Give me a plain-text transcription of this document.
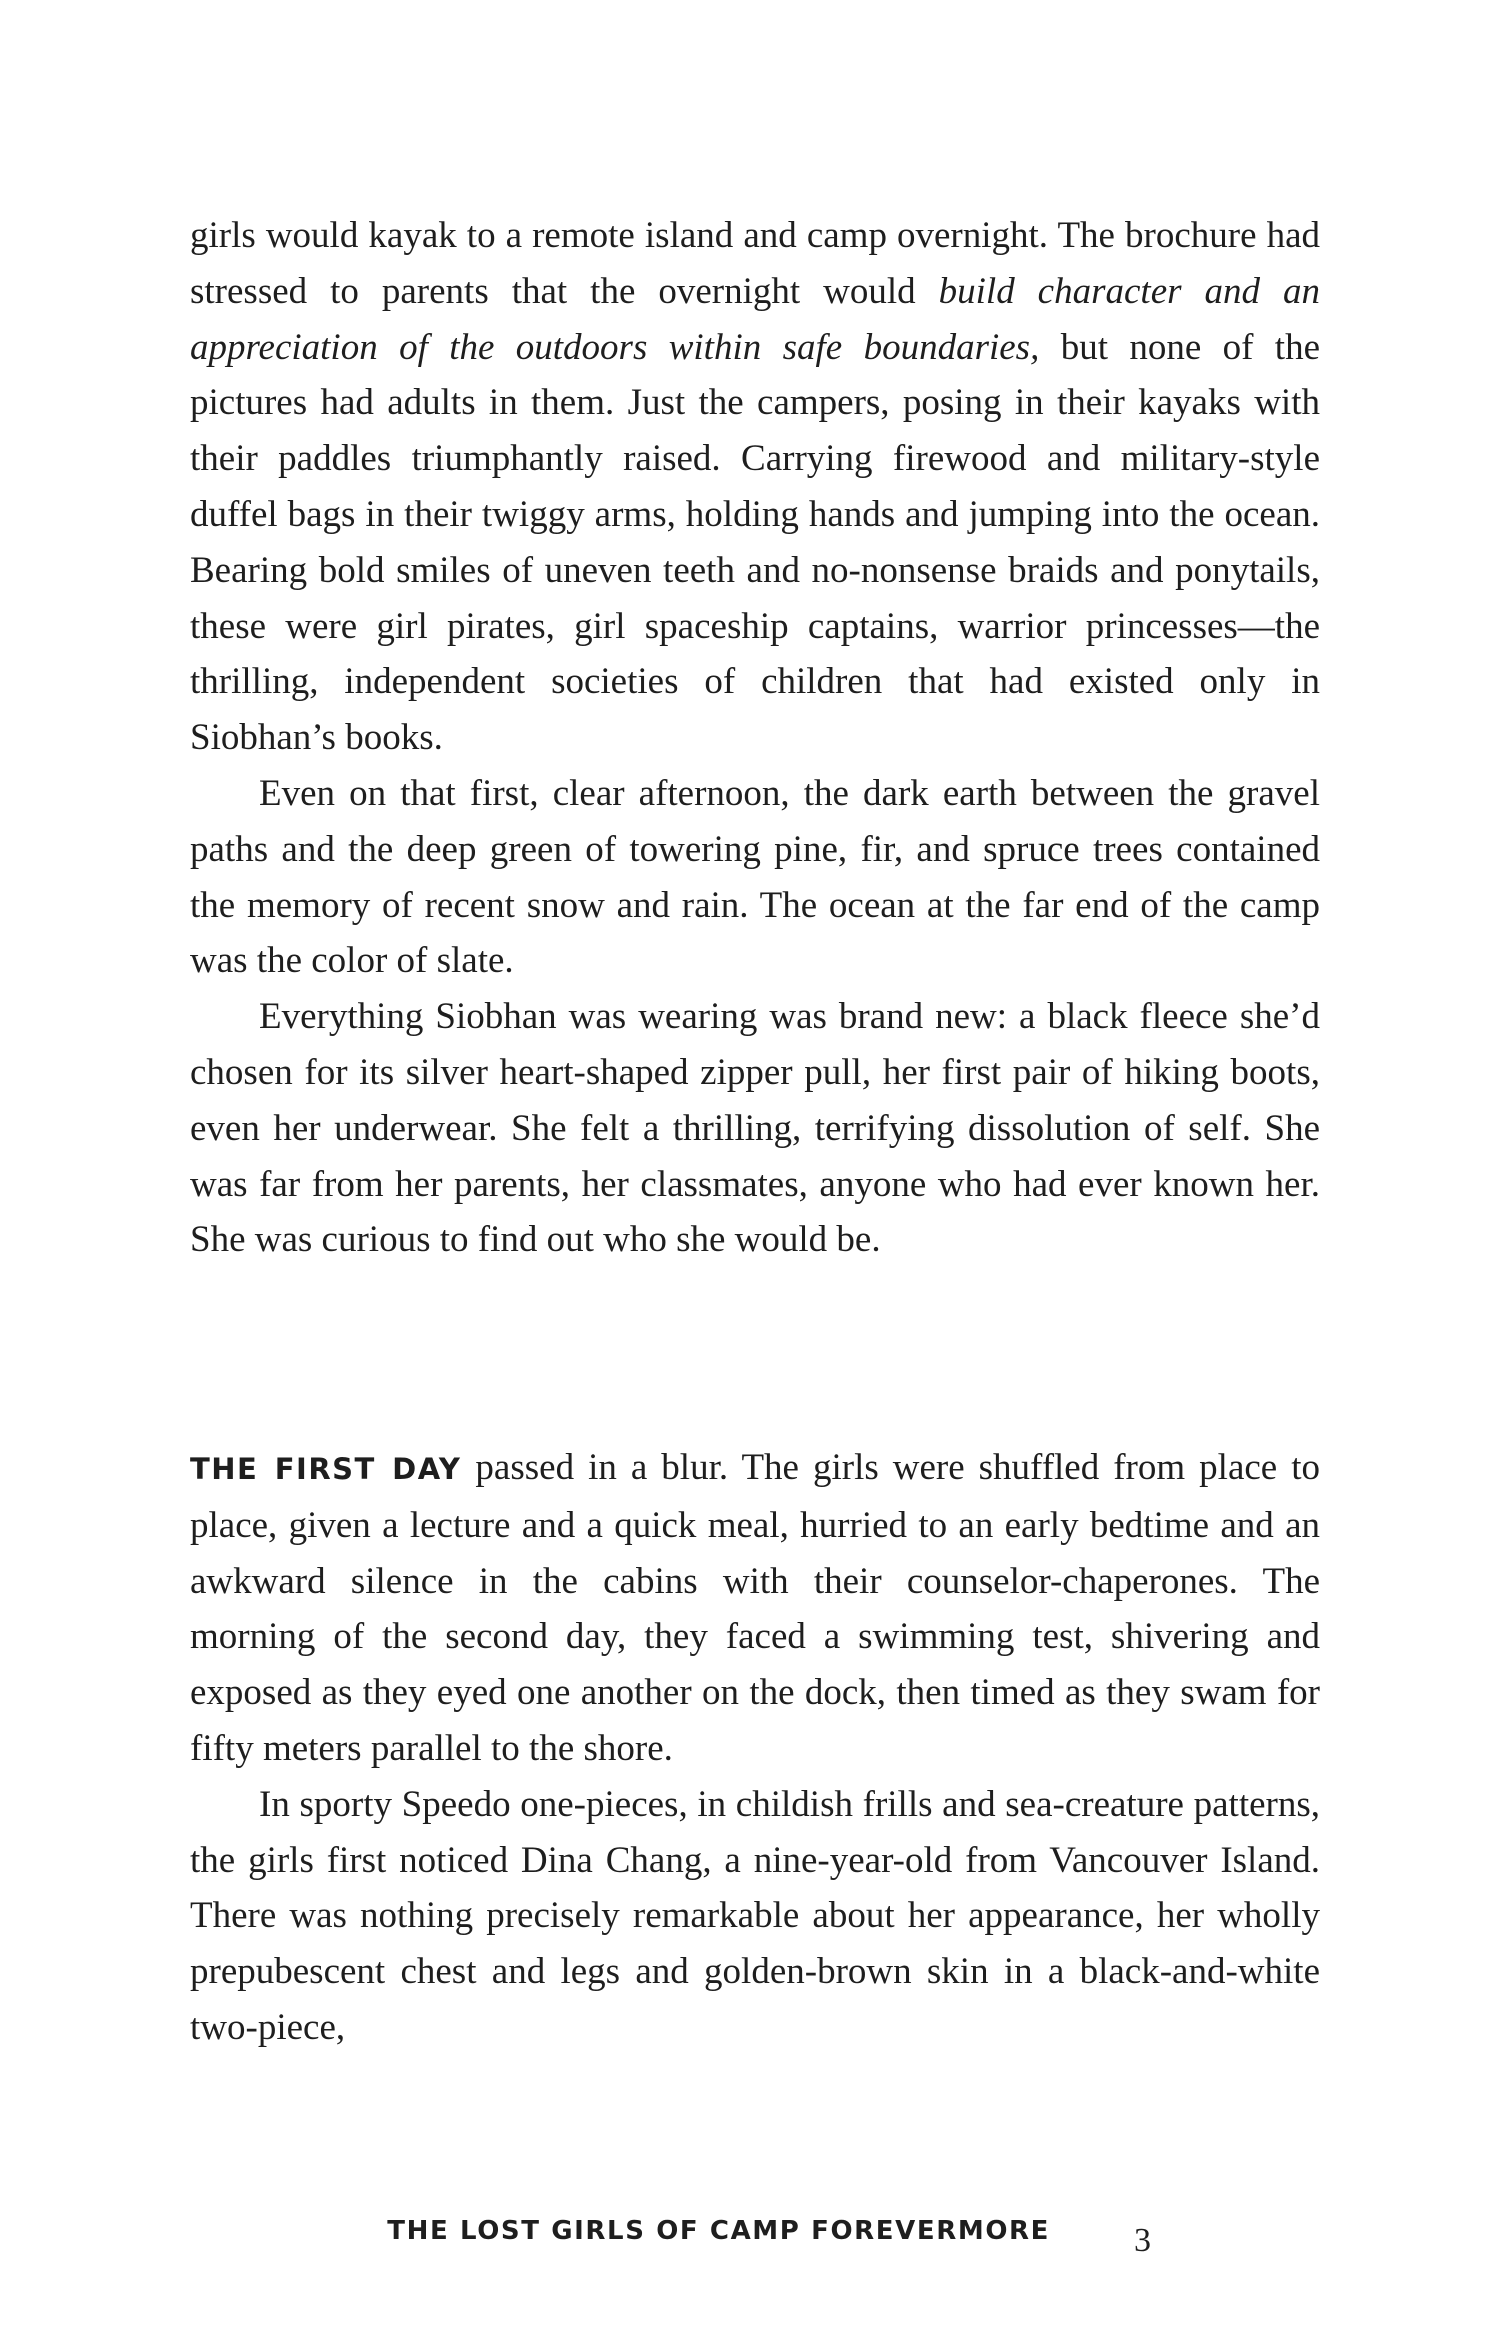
girls would kayak to a remote island and camp overnight. The brochure had stressed to parents that the overnight would build character and an appreciation of the outdoors within safe boundaries, but none of the pictures had adults in them. Just the campers, posing in their kayaks with their paddles triumphantly raised. Carrying firewood and military-style duffel bags in their twiggy arms, holding hands and jumping into the ocean. Bearing bold smiles of uneven teeth and no-nonsense braids and ponytails, these were girl pirates, girl spaceship captains, warrior princesses—the thrilling, independent societies of children that had existed only in Siobhan’s books.

Even on that first, clear afternoon, the dark earth between the gravel paths and the deep green of towering pine, fir, and spruce trees contained the memory of recent snow and rain. The ocean at the far end of the camp was the color of slate.

Everything Siobhan was wearing was brand new: a black fleece she’d chosen for its silver heart-shaped zipper pull, her first pair of hiking boots, even her underwear. She felt a thrilling, terrifying dissolution of self. She was far from her parents, her classmates, anyone who had ever known her. She was curious to find out who she would be.

THE FIRST DAY passed in a blur. The girls were shuffled from place to place, given a lecture and a quick meal, hurried to an early bedtime and an awkward silence in the cabins with their counselor-chaperones. The morning of the second day, they faced a swimming test, shivering and exposed as they eyed one another on the dock, then timed as they swam for fifty meters parallel to the shore.

In sporty Speedo one-pieces, in childish frills and sea-creature patterns, the girls first noticed Dina Chang, a nine-year-old from Vancouver Island. There was nothing precisely remarkable about her appearance, her wholly prepubescent chest and legs and golden-brown skin in a black-and-white two-piece,

THE LOST GIRLS OF CAMP FOREVERMORE 3
